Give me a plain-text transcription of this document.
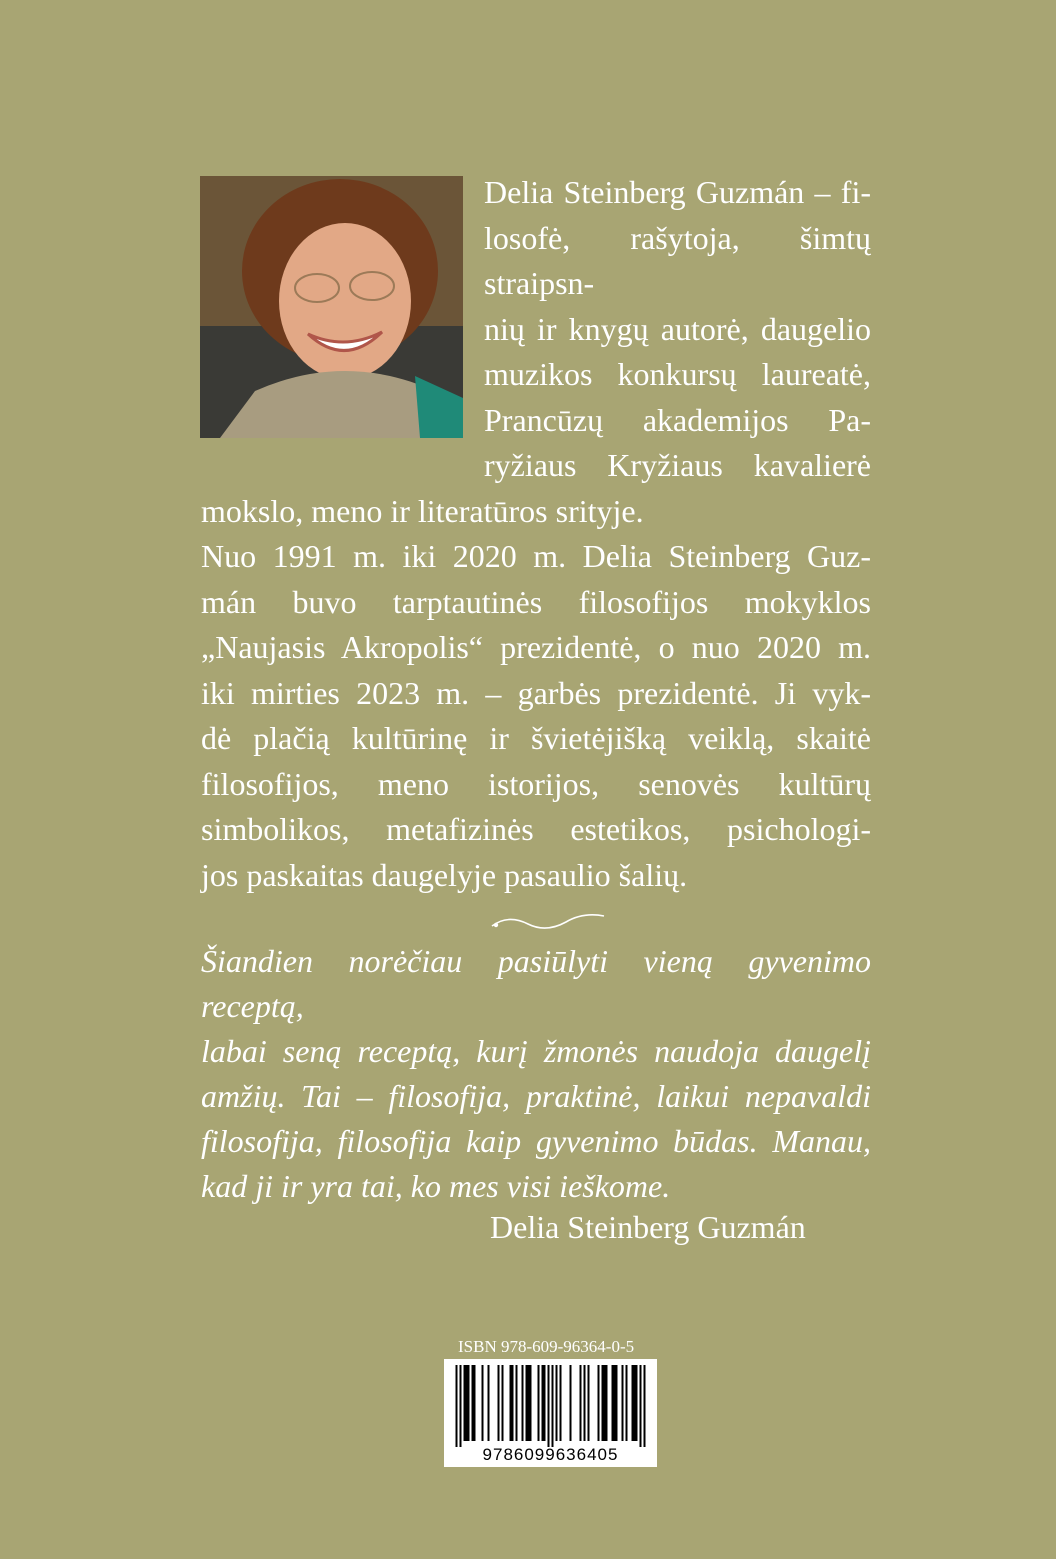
Delia Steinberg Guzmán – fi-
losofė, rašytoja, šimtų straipsn-
nių ir knygų autorė, daugelio
muzikos konkursų laureatė,
Prancūzų akademijos Pa-
ryžiaus Kryžiaus kavalierė
mokslo, meno ir literatūros srityje.
Nuo 1991 m. iki 2020 m. Delia Steinberg Guz-
mán buvo tarptautinės filosofijos mokyklos
„Naujasis Akropolis“ prezidentė, o nuo 2020 m.
iki mirties 2023 m. – garbės prezidentė. Ji vyk-
dė plačią kultūrinę ir švietėjišką veiklą, skaitė
filosofijos, meno istorijos, senovės kultūrų
simbolikos, metafizinės estetikos, psichologi-
jos paskaitas daugelyje pasaulio šalių.
Šiandien norėčiau pasiūlyti vieną gyvenimo receptą,
labai seną receptą, kurį žmonės naudoja daugelį
amžių. Tai – filosofija, praktinė, laikui nepavaldi
filosofija, filosofija kaip gyvenimo būdas. Manau,
kad ji ir yra tai, ko mes visi ieškome.
Delia Steinberg Guzmán
ISBN 978-609-96364-0-5
9786099636405
